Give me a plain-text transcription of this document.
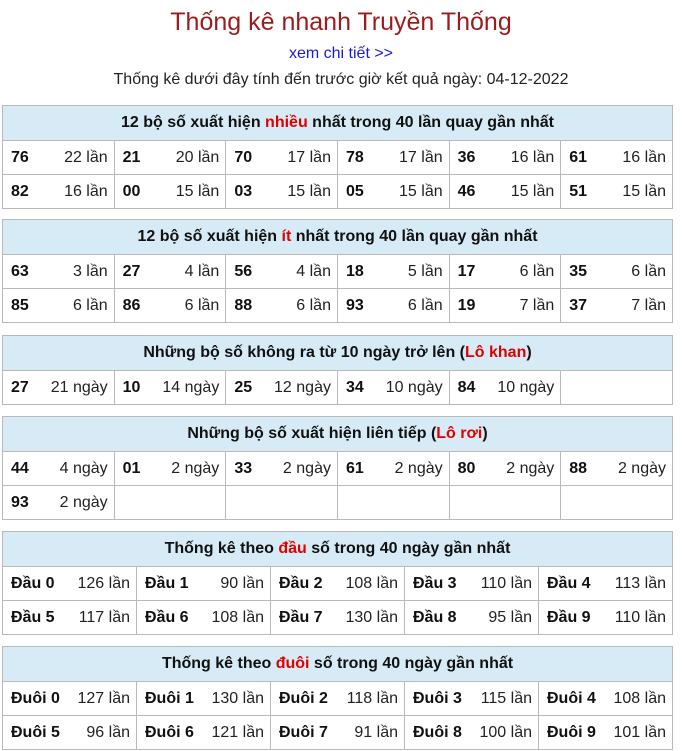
Thống kê nhanh Truyền Thống
xem chi tiết >>
Thống kê dưới đây tính đến trước giờ kết quả ngày: 04-12-2022
12 bộ số xuất hiện nhiều nhất trong 40 lần quay gần nhất					

76 22 lần	21 20 lần	70 17 lần	78 17 lần	36 16 lần	61 16 lần

82 16 lần	00 15 lần	03 15 lần	05 15 lần	46 15 lần	51 15 lần
12 bộ số xuất hiện ít nhất trong 40 lần quay gần nhất					

63 3 lần	27 4 lần	56 4 lần	18 5 lần	17 6 lần	35 6 lần

85 6 lần	86 6 lần	88 6 lần	93 6 lần	19 7 lần	37 7 lần
Những bộ số không ra từ 10 ngày trở lên (Lô khan)

27 21 ngày	10 14 ngày	25 12 ngày	34 10 ngày	84 10 ngày

Những bộ số xuất hiện liên tiếp (Lô rơi)					

44 4 ngày	01 2 ngày	33 2 ngày	61 2 ngày	80 2 ngày	88 2 ngày

93 2 ngày					

Thống kê theo đầu số trong 40 ngày gần nhất				

Đầu 0 126 lần	Đầu 1 90 lần	Đầu 2 108 lần	Đầu 3 110 lần	Đầu 4 113 lần

Đầu 5 117 lần	Đầu 6 108 lần	Đầu 7 130 lần	Đầu 8 95 lần	Đầu 9 110 lần
Thống kê theo đuôi số trong 40 ngày gần nhất				

Đuôi 0 127 lần	Đuôi 1 130 lần	Đuôi 2 118 lần	Đuôi 3 115 lần	Đuôi 4 108 lần

Đuôi 5 96 lần	Đuôi 6 121 lần	Đuôi 7 91 lần	Đuôi 8 100 lần	Đuôi 9 101 lần
